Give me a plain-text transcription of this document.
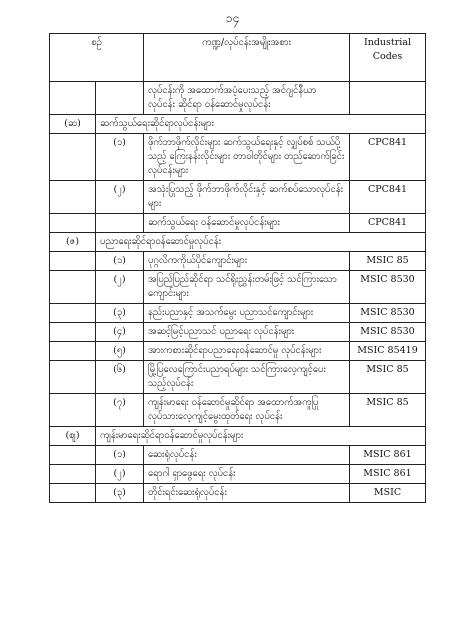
၁၄
စဉ်		ကဏ္ဍ/လုပ်ငန်းအမျိုးအစား	Industrial Codes
		လုပ်ငန်းကို အထောက်အပံ့ပေးသည့် အင်ဂျင်နီယာ လုပ်ငန်း ဆိုင်ရာ ဝန်ဆောင်မှုလုပ်ငန်း	
(ဆ)	ဆက်သွယ်ရေးဆိုင်ရာလုပ်ငန်းများ		
	(၁)	ဖိုက်ဘာဖိုက်လိုင်းများ ဆက်သွယ်ရေးနှင့် လျှပ်စစ် သယ်ပို့သည့် ကြေးနန်းလိုင်းများ တာဝါတိုင်များ တည်ဆောက်ခြင်း လုပ်ငန်းများ	CPC841
	(၂)	အသုံးပြုသည့် ဖိုက်ဘာဖိုက်လိုင်းနှင့် ဆက်စပ်သောလုပ်ငန်းများ	CPC841
		ဆက်သွယ်ရေး ဝန်ဆောင်မှုလုပ်ငန်းများ	CPC841
(ဇ)	ပညာရေးဆိုင်ရာဝန်ဆောင်မှုလုပ်ငန်း		
	(၁)	ပုဂ္ဂလိကကိုယ်ပိုင်ကျောင်းများ	MSIC 85
	(၂)	အပြည်ပြည်ဆိုင်ရာ သင်ရိုးညွှန်းတမ်းဖြင့် သင်ကြားသော ကျောင်းများ	MSIC 8530
	(၃)	နည်းပညာနှင့် အသက်မွေး ပညာသင်ကျောင်းများ	MSIC 8530
	(၄)	အဆင့်မြင့်ပညာသင် ပညာရေး လုပ်ငန်းများ	MSIC 8530
	(၅)	အားကစားဆိုင်ရာပညာရေးဝန်ဆောင်မှု လုပ်ငန်းများ	MSIC 85419
	(၆)	မြို့ပြလေကြောင်းပညာရပ်များ သင်ကြားလေ့ကျင့်ပေး သည့်လုပ်ငန်း	MSIC 85
	(၇)	ကျန်းမာရေး ဝန်ဆောင်မှုဆိုင်ရာ အထောက်အကူပြု လုပ်သားလေ့ကျင့်မွေးထုတ်ရေး လုပ်ငန်း	MSIC 85
(ဈ)	ကျန်းမာရေးဆိုင်ရာဝန်ဆောင်မှုလုပ်ငန်းများ		
	(၁)	ဆေးရုံလုပ်ငန်း	MSIC 861
	(၂)	ရောဂါ ရှာဖွေရေး လုပ်ငန်း	MSIC 861
	(၃)	တိုင်းရင်းဆေးရုံလုပ်ငန်း	MSIC
